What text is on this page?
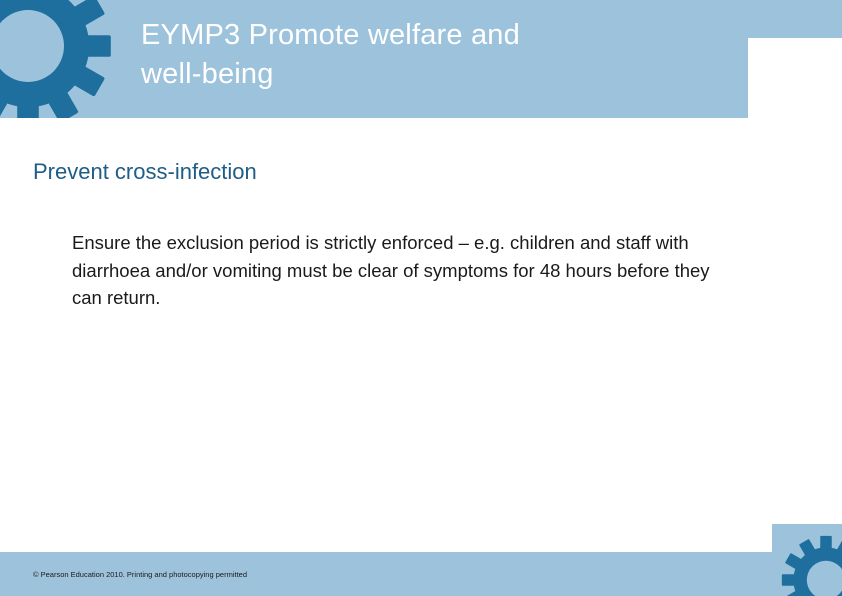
EYMP3 Promote welfare and
well-being
Prevent cross-infection
Ensure the exclusion period is strictly enforced – e.g. children and staff with diarrhoea and/or vomiting must be clear of symptoms for 48 hours before they can return.
© Pearson Education 2010. Printing and photocopying permitted
